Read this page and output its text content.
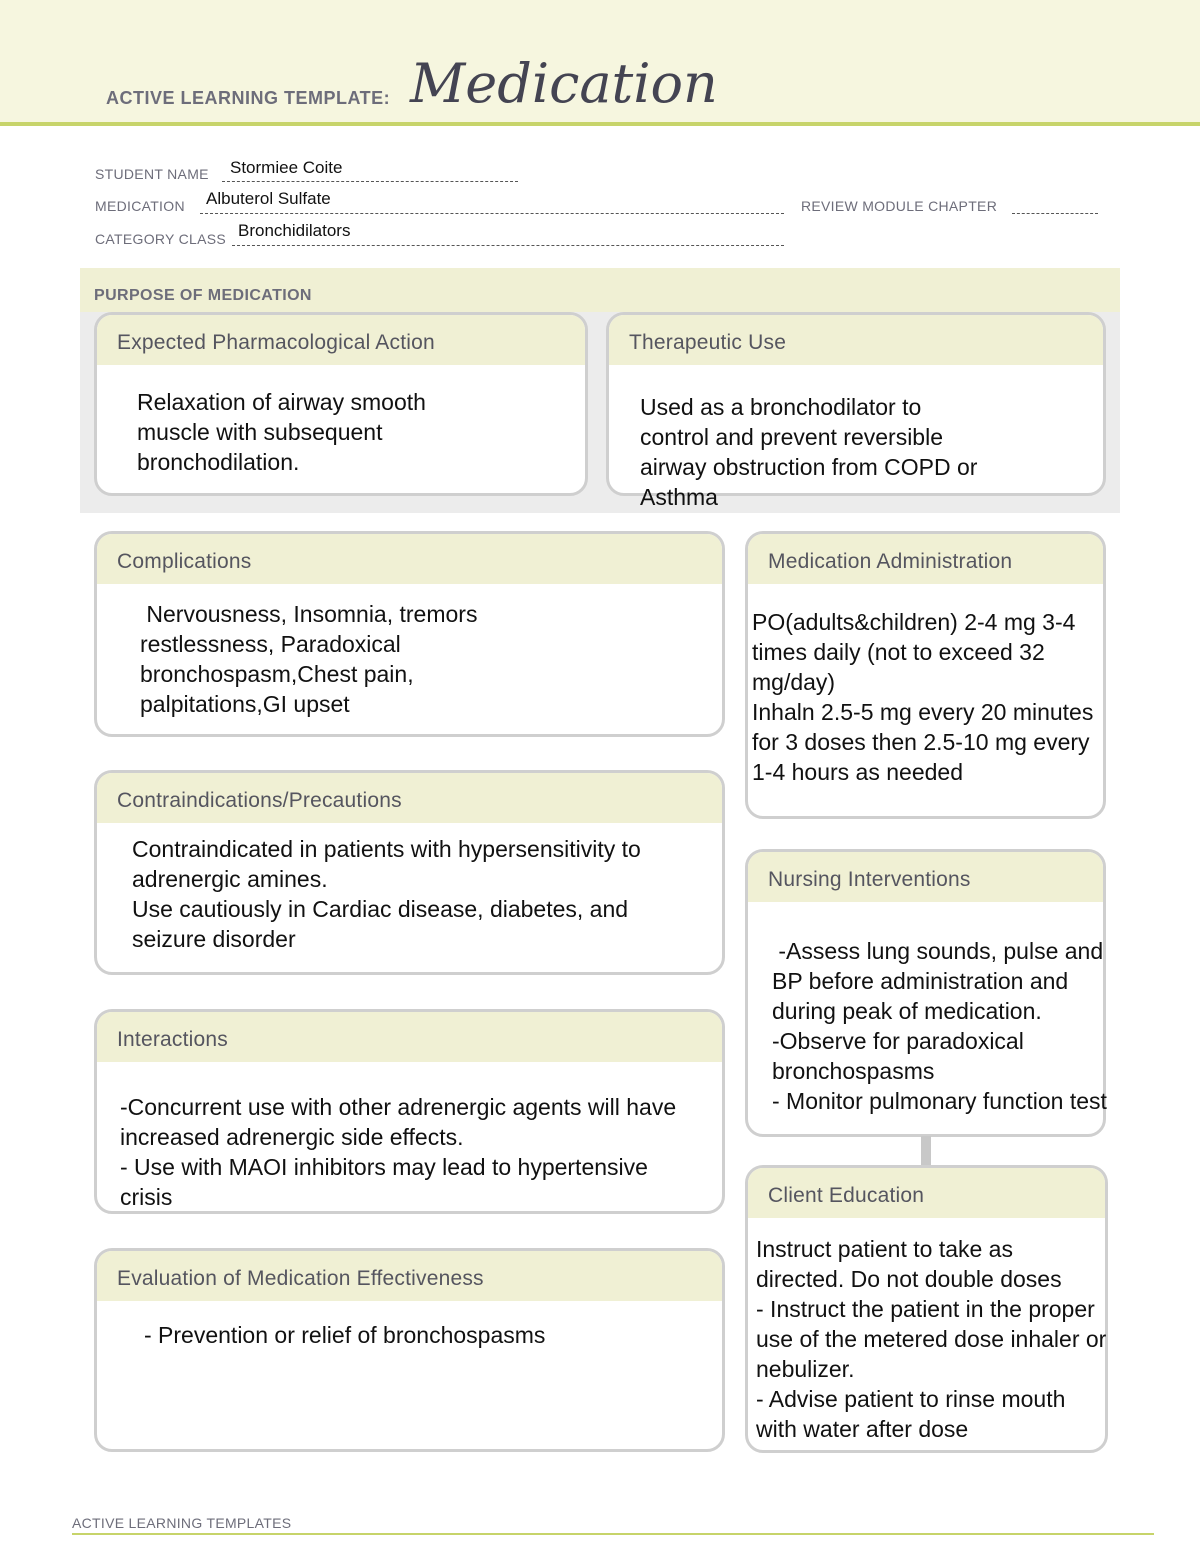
ACTIVE LEARNING TEMPLATE: Medication
STUDENT NAME Stormiee Coite
MEDICATION Albuterol Sulfate	REVIEW MODULE CHAPTER
CATEGORY CLASS Bronchidilators
PURPOSE OF MEDICATION
Expected Pharmacological Action
Relaxation of airway smooth
muscle with subsequent
bronchodilation.
Therapeutic Use
Used as a bronchodilator to
control and prevent reversible
airway obstruction from COPD or
Asthma
Complications
Nervousness, Insomnia, tremors
restlessness, Paradoxical
bronchospasm,Chest pain,
palpitations,GI upset
Contraindications/Precautions
Contraindicated in patients with hypersensitivity to
adrenergic amines.
Use cautiously in Cardiac disease, diabetes, and
seizure disorder
Interactions
-Concurrent use with other adrenergic agents will have
increased adrenergic side effects.
- Use with MAOI inhibitors may lead to hypertensive
crisis
Evaluation of Medication Effectiveness
- Prevention or relief of bronchospasms
Medication Administration
PO(adults&children) 2-4 mg 3-4
times daily (not to exceed 32
mg/day)
Inhaln 2.5-5 mg every 20 minutes
for 3 doses then 2.5-10 mg every
1-4 hours as needed
Nursing Interventions
-Assess lung sounds, pulse and
BP before administration and
during peak of medication.
-Observe for paradoxical
bronchospasms
- Monitor pulmonary function test
Client Education
Instruct patient to take as
directed. Do not double doses
- Instruct the patient in the proper
use of the metered dose inhaler or
nebulizer.
- Advise patient to rinse mouth
with water after dose
ACTIVE LEARNING TEMPLATES
